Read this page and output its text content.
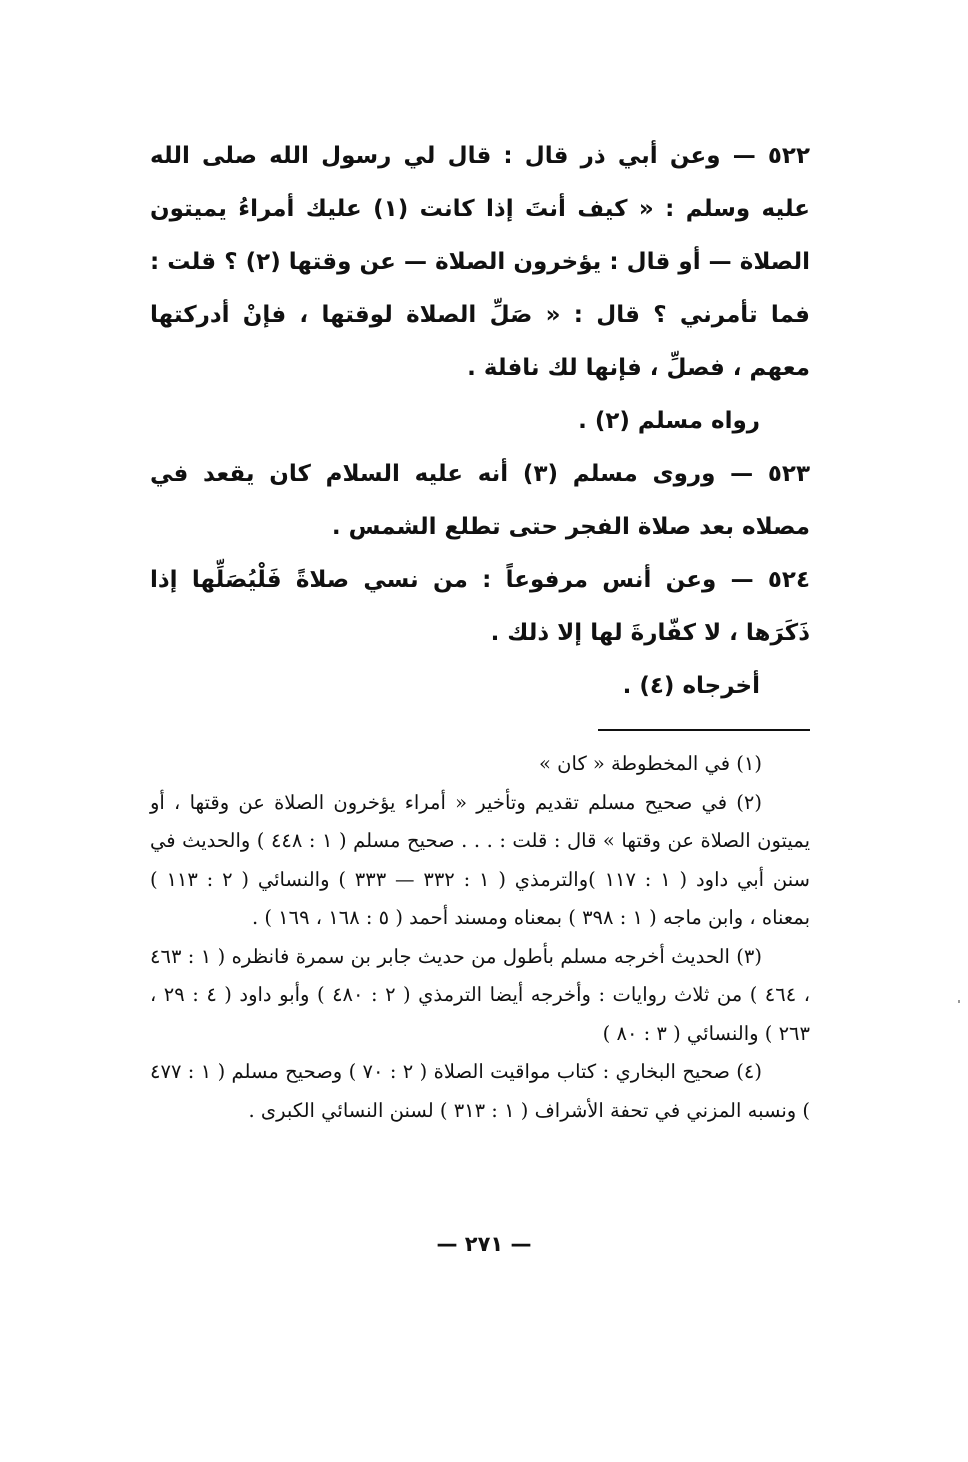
٥٢٢ — وعن أبي ذر قال : قال لي رسول الله صلى الله عليه وسلم : « كيف أنتَ إذا كانت (١) عليك أمراءُ يميتون الصلاة — أو قال : يؤخرون الصلاة — عن وقتها (٢) ؟ قلت : فما تأمرني ؟ قال : « صَلِّ الصلاة لوقتها ، فإنْ أدركتها معهم ، فصلِّ ، فإنها لك نافلة .

رواه مسلم (٢) .

٥٢٣ — وروى مسلم (٣) أنه عليه السلام كان يقعد في مصلاه بعد صلاة الفجر حتى تطلع الشمس .

٥٢٤ — وعن أنس مرفوعاً : من نسي صلاةً فَلْيُصَلِّها إذا ذَكَرَها ، لا كفّارةَ لها إلا ذلك .

أخرجاه (٤) .

(١) في المخطوطة « كان »

(٢) في صحيح مسلم تقديم وتأخير « أمراء يؤخرون الصلاة عن وقتها ، أو يميتون الصلاة عن وقتها » قال : قلت : . . . صحيح مسلم ( ١ : ٤٤٨ ) والحديث في سنن أبي داود ( ١ : ١١٧ )والترمذي ( ١ : ٣٣٢ — ٣٣٣ ) والنسائي ( ٢ : ١١٣ ) بمعناه ، وابن ماجه ( ١ : ٣٩٨ ) بمعناه ومسند أحمد ( ٥ : ١٦٨ ، ١٦٩ ) .

(٣) الحديث أخرجه مسلم بأطول من حديث جابر بن سمرة فانظره ( ١ : ٤٦٣ ، ٤٦٤ ) من ثلاث روايات : وأخرجه أيضا الترمذي ( ٢ : ٤٨٠ ) وأبو داود ( ٤ : ٢٩ ، ٢٦٣ ) والنسائي ( ٣ : ٨٠ )

(٤) صحيح البخاري : كتاب مواقيت الصلاة ( ٢ : ٧٠ ) وصحيح مسلم ( ١ : ٤٧٧ ) ونسبه المزني في تحفة الأشراف ( ١ : ٣١٣ ) لسنن النسائي الكبرى .

— ٢٧١ —
